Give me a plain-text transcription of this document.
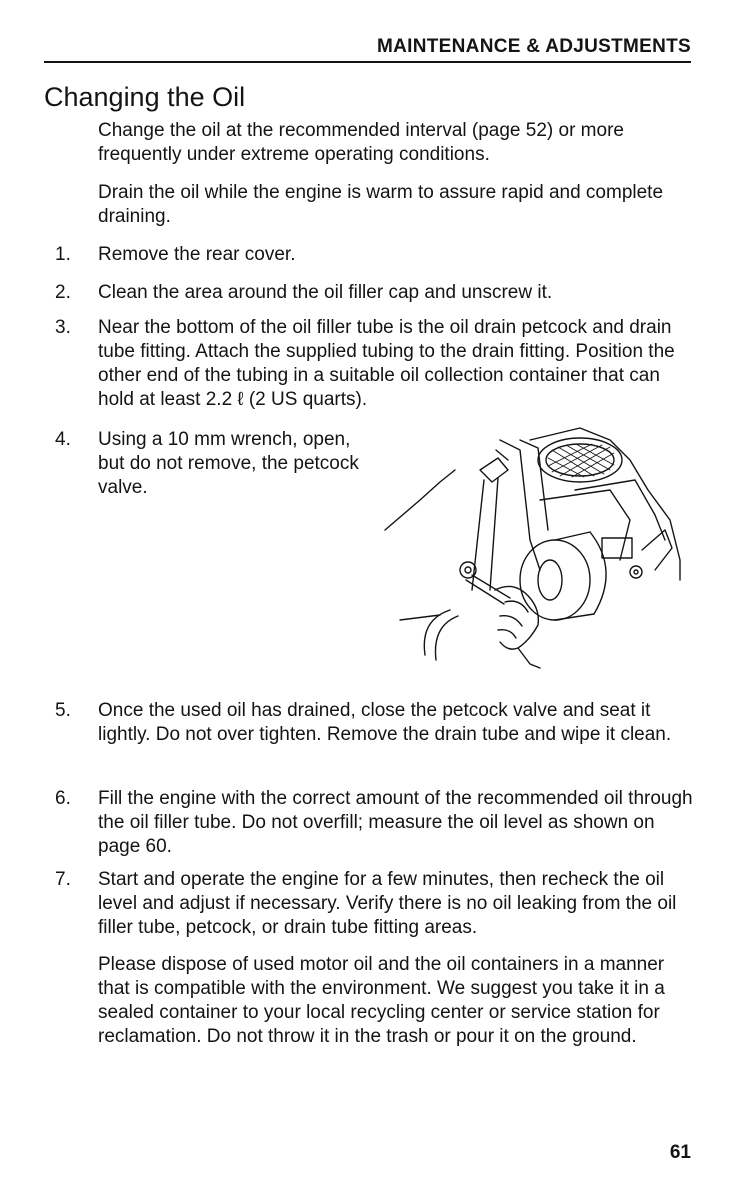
MAINTENANCE & ADJUSTMENTS
Changing the Oil

Change the oil at the recommended interval (page 52) or more frequently under extreme operating conditions.

Drain the oil while the engine is warm to assure rapid and complete draining.

1.	Remove the rear cover.
2.	Clean the area around the oil filler cap and unscrew it.
3.	Near the bottom of the oil filler tube is the oil drain petcock and drain tube fitting. Attach the supplied tubing to the drain fitting. Position the other end of the tubing in a suitable oil collection container that can hold at least 2.2 ℓ (2 US quarts).
4.	Using a 10 mm wrench, open, but do not remove, the petcock valve.
5.	Once the used oil has drained, close the petcock valve and seat it lightly. Do not over tighten. Remove the drain tube and wipe it clean.
6.	Fill the engine with the correct amount of the recommended oil through the oil filler tube. Do not overfill; measure the oil level as shown on page 60.
7.	Start and operate the engine for a few minutes, then recheck the oil level and adjust if necessary. Verify there is no oil leaking from the oil filler tube, petcock, or drain tube fitting areas.

Please dispose of used motor oil and the oil containers in a manner that is compatible with the environment. We suggest you take it in a sealed container to your local recycling center or service station for reclamation. Do not throw it in the trash or pour it on the ground.

61
